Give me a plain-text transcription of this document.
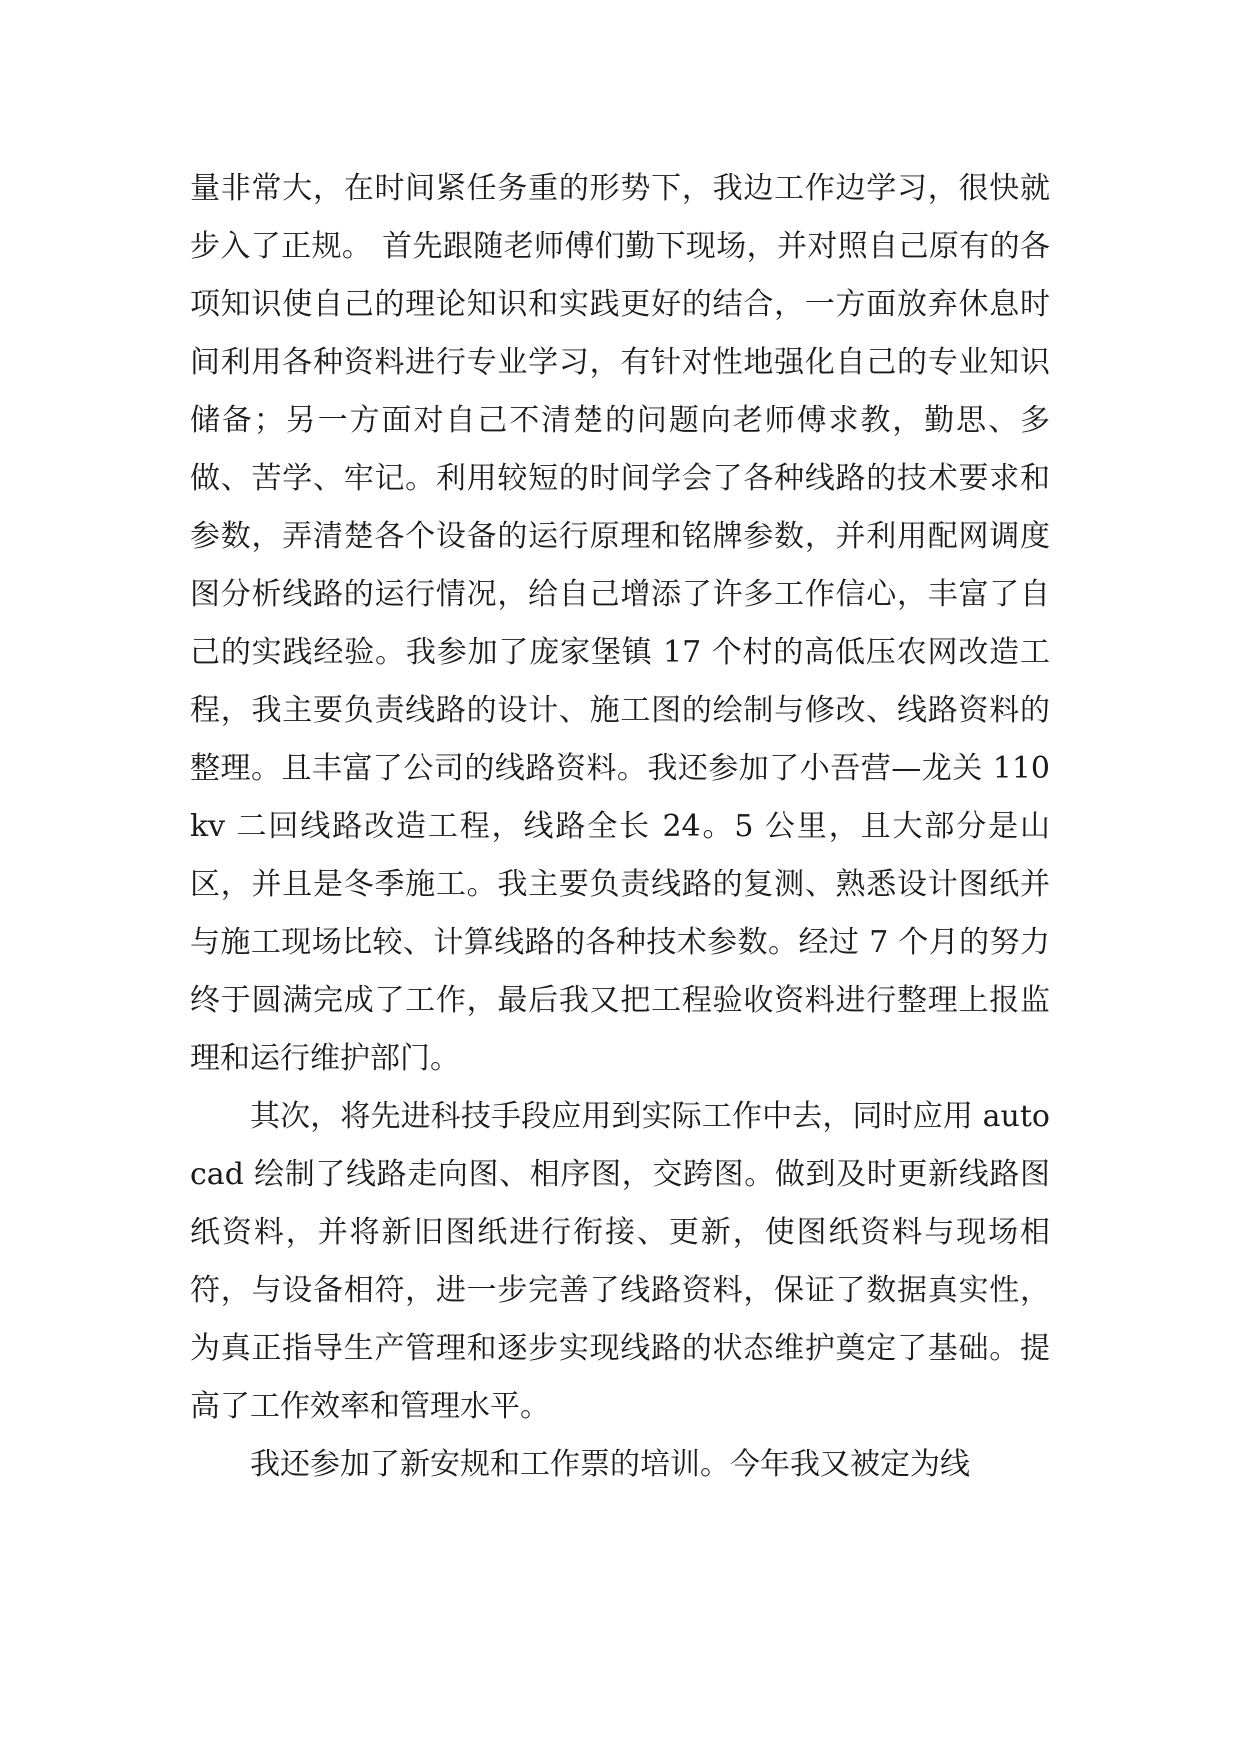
量非常大，在时间紧任务重的形势下，我边工作边学习，很快就步入了正规。 首先跟随老师傅们勤下现场，并对照自己原有的各项知识使自己的理论知识和实践更好的结合，一方面放弃休息时间利用各种资料进行专业学习，有针对性地强化自己的专业知识储备；另一方面对自己不清楚的问题向老师傅求教，勤思、多做、苦学、牢记。利用较短的时间学会了各种线路的技术要求和参数，弄清楚各个设备的运行原理和铭牌参数，并利用配网调度图分析线路的运行情况，给自己增添了许多工作信心，丰富了自己的实践经验。我参加了庞家堡镇 17 个村的高低压农网改造工程，我主要负责线路的设计、施工图的绘制与修改、线路资料的整理。且丰富了公司的线路资料。我还参加了小吾营—龙关 110kv 二回线路改造工程，线路全长 24。5 公里，且大部分是山区，并且是冬季施工。我主要负责线路的复测、熟悉设计图纸并与施工现场比较、计算线路的各种技术参数。经过 7 个月的努力终于圆满完成了工作，最后我又把工程验收资料进行整理上报监理和运行维护部门。

其次，将先进科技手段应用到实际工作中去，同时应用 autocad 绘制了线路走向图、相序图，交跨图。做到及时更新线路图纸资料，并将新旧图纸进行衔接、更新，使图纸资料与现场相符，与设备相符，进一步完善了线路资料，保证了数据真实性，为真正指导生产管理和逐步实现线路的状态维护奠定了基础。提高了工作效率和管理水平。

我还参加了新安规和工作票的培训。今年我又被定为线
